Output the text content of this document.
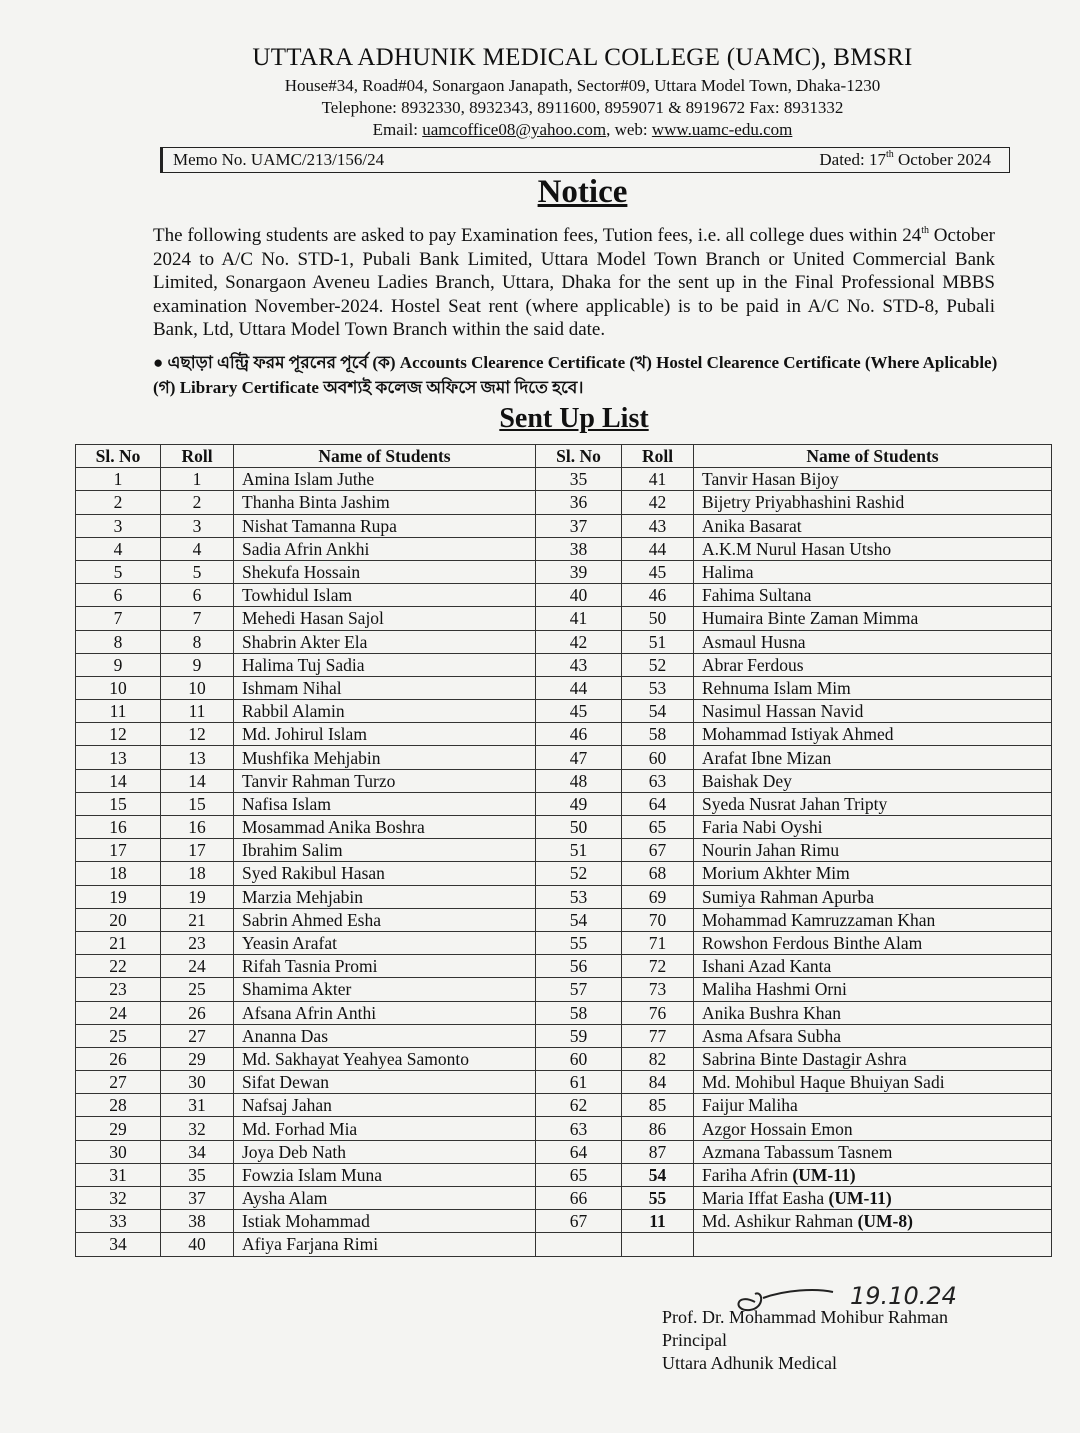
UTTARA ADHUNIK MEDICAL COLLEGE (UAMC), BMSRI
House#34, Road#04, Sonargaon Janapath, Sector#09, Uttara Model Town, Dhaka-1230
Telephone: 8932330, 8932343, 8911600, 8959071 & 8919672 Fax: 8931332
Email: uamcoffice08@yahoo.com, web: www.uamc-edu.com
Memo No. UAMC/213/156/24	Dated: 17th October 2024
Notice
The following students are asked to pay Examination fees, Tution fees, i.e. all college dues within 24th October 2024 to A/C No. STD-1, Pubali Bank Limited, Uttara Model Town Branch or United Commercial Bank Limited, Sonargaon Aveneu Ladies Branch, Uttara, Dhaka for the sent up in the Final Professional MBBS examination November-2024. Hostel Seat rent (where applicable) is to be paid in A/C No. STD-8, Pubali Bank, Ltd, Uttara Model Town Branch within the said date.
● এছাড়া এন্ট্রি ফরম পূরনের পূর্বে (ক) Accounts Clearence Certificate (খ) Hostel Clearence Certificate (Where Aplicable) (গ) Library Certificate অবশ্যই কলেজ অফিসে জমা দিতে হবে।
Sent Up List
Sl. No	Roll	Name of Students	Sl. No	Roll	Name of Students
1	1	Amina Islam Juthe	35	41	Tanvir Hasan Bijoy
2	2	Thanha Binta Jashim	36	42	Bijetry Priyabhashini Rashid
3	3	Nishat Tamanna Rupa	37	43	Anika Basarat
4	4	Sadia Afrin Ankhi	38	44	A.K.M Nurul Hasan Utsho
5	5	Shekufa Hossain	39	45	Halima
6	6	Towhidul Islam	40	46	Fahima Sultana
7	7	Mehedi Hasan Sajol	41	50	Humaira Binte Zaman Mimma
8	8	Shabrin Akter Ela	42	51	Asmaul Husna
9	9	Halima Tuj Sadia	43	52	Abrar Ferdous
10	10	Ishmam Nihal	44	53	Rehnuma Islam Mim
11	11	Rabbil Alamin	45	54	Nasimul Hassan Navid
12	12	Md. Johirul Islam	46	58	Mohammad Istiyak Ahmed
13	13	Mushfika Mehjabin	47	60	Arafat Ibne Mizan
14	14	Tanvir Rahman Turzo	48	63	Baishak Dey
15	15	Nafisa Islam	49	64	Syeda Nusrat Jahan Tripty
16	16	Mosammad Anika Boshra	50	65	Faria Nabi Oyshi
17	17	Ibrahim Salim	51	67	Nourin Jahan Rimu
18	18	Syed Rakibul Hasan	52	68	Morium Akhter Mim
19	19	Marzia Mehjabin	53	69	Sumiya Rahman Apurba
20	21	Sabrin Ahmed Esha	54	70	Mohammad Kamruzzaman Khan
21	23	Yeasin Arafat	55	71	Rowshon Ferdous Binthe Alam
22	24	Rifah Tasnia Promi	56	72	Ishani Azad Kanta
23	25	Shamima Akter	57	73	Maliha Hashmi Orni
24	26	Afsana Afrin Anthi	58	76	Anika Bushra Khan
25	27	Ananna Das	59	77	Asma Afsara Subha
26	29	Md. Sakhayat Yeahyea Samonto	60	82	Sabrina Binte Dastagir Ashra
27	30	Sifat Dewan	61	84	Md. Mohibul Haque Bhuiyan Sadi
28	31	Nafsaj Jahan	62	85	Faijur Maliha
29	32	Md. Forhad Mia	63	86	Azgor Hossain Emon
30	34	Joya Deb Nath	64	87	Azmana Tabassum Tasnem
31	35	Fowzia Islam Muna	65	54	Fariha Afrin (UM-11)
32	37	Aysha Alam	66	55	Maria Iffat Easha (UM-11)
33	38	Istiak Mohammad	67	11	Md. Ashikur Rahman (UM-8)
34	40	Afiya Farjana Rimi			
19.10.24
Prof. Dr. Mohammad Mohibur Rahman
Principal
Uttara Adhunik Medical
